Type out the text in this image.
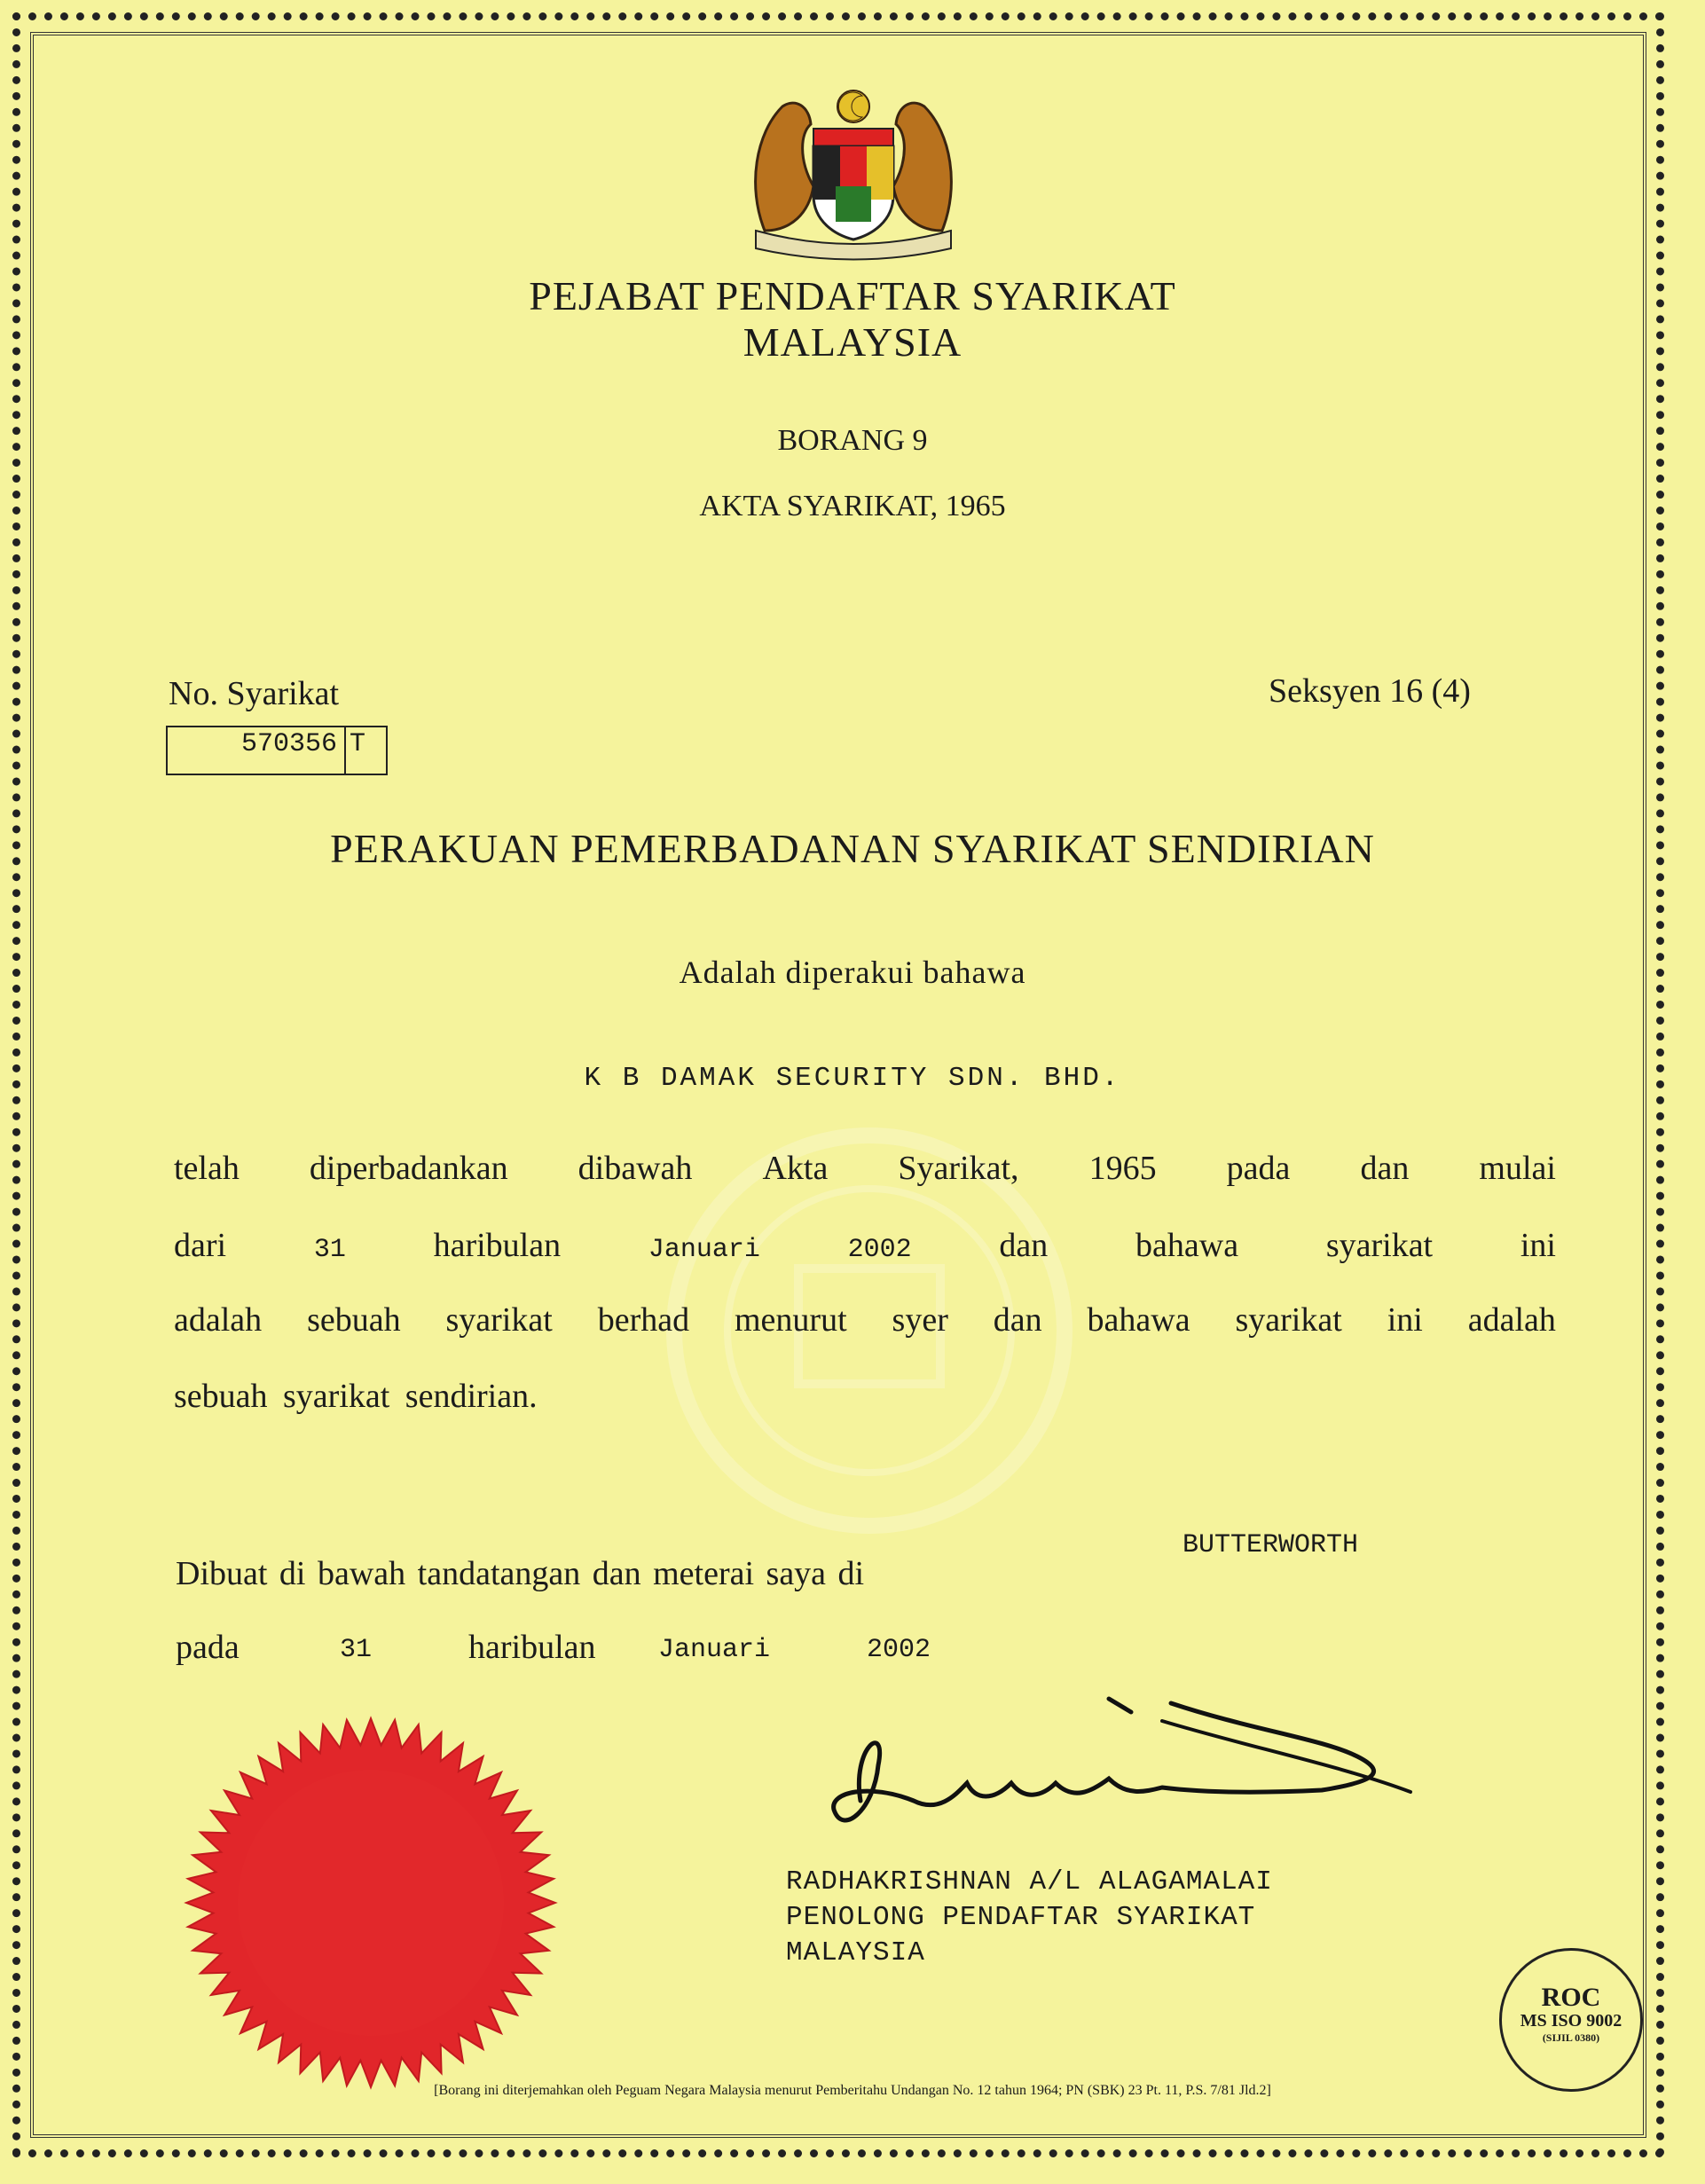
PEJABAT PENDAFTAR SYARIKAT
MALAYSIA
BORANG 9
AKTA SYARIKAT, 1965
No. Syarikat	Seksyen 16 (4)
570356 T
PERAKUAN PEMERBADANAN SYARIKAT SENDIRIAN
Adalah diperakui bahawa
K B DAMAK SECURITY SDN. BHD.
telah diperbadankan dibawah Akta Syarikat, 1965 pada dan mulai
dari	31	haribulan	Januari	2002	dan	bahawa	syarikat	ini
adalah sebuah syarikat berhad menurut syer dan bahawa syarikat ini adalah
sebuah syarikat sendirian.
Dibuat di bawah tandatangan dan meterai saya di
BUTTERWORTH
pada	31	haribulan Januari	2002
RADHAKRISHNAN A/L ALAGAMALAI
PENOLONG PENDAFTAR SYARIKAT
MALAYSIA
ROC
MS ISO 9002
(SIJIL 0380)
[Borang ini diterjemahkan oleh Peguam Negara Malaysia menurut Pemberitahu Undangan No. 12 tahun 1964; PN (SBK) 23 Pt. 11, P.S. 7/81 Jld.2]
